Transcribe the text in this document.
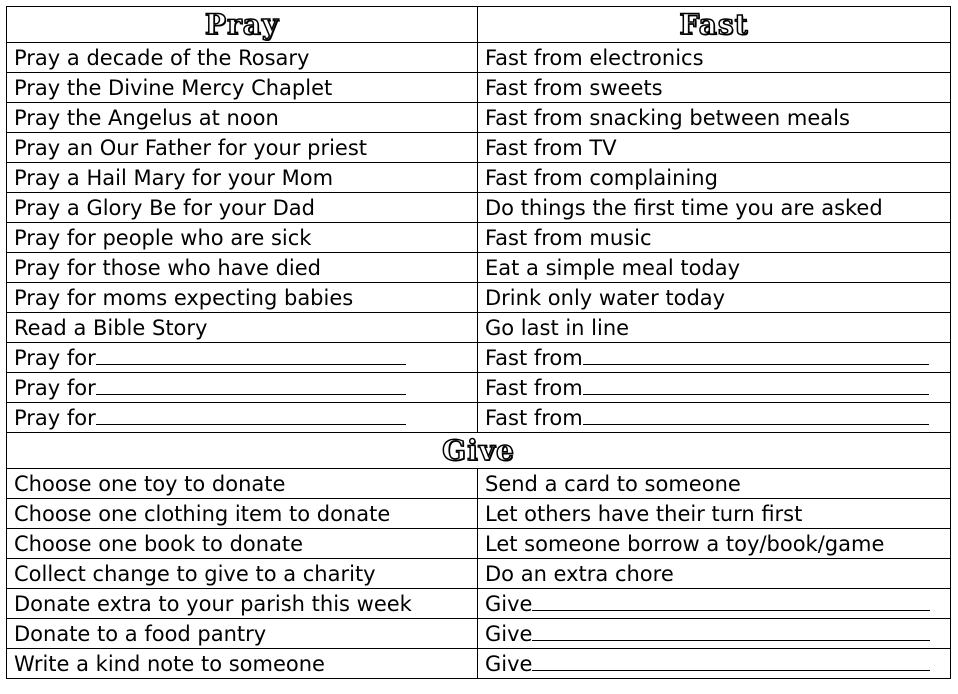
Pray	Fast
Pray a decade of the Rosary	Fast from electronics
Pray the Divine Mercy Chaplet	Fast from sweets
Pray the Angelus at noon	Fast from snacking between meals
Pray an Our Father for your priest	Fast from TV
Pray a Hail Mary for your Mom	Fast from complaining
Pray a Glory Be for your Dad	Do things the first time you are asked
Pray for people who are sick	Fast from music
Pray for those who have died	Eat a simple meal today
Pray for moms expecting babies	Drink only water today
Read a Bible Story	Go last in line
Pray for	Fast from
Pray for	Fast from
Pray for	Fast from
Give	
Choose one toy to donate	Send a card to someone
Choose one clothing item to donate	Let others have their turn first
Choose one book to donate	Let someone borrow a toy/book/game
Collect change to give to a charity	Do an extra chore
Donate extra to your parish this week	Give
Donate to a food pantry	Give
Write a kind note to someone	Give
